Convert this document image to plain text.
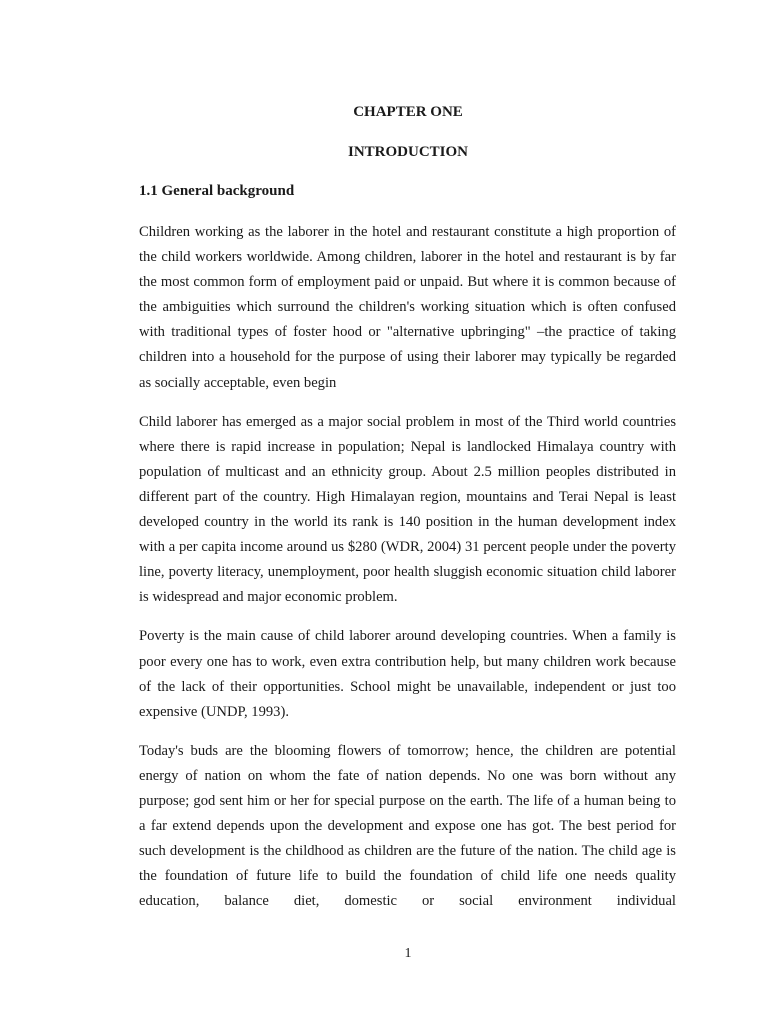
CHAPTER ONE
INTRODUCTION
1.1 General background

Children working as the laborer in the hotel and restaurant constitute a high proportion of the child workers worldwide. Among children, laborer in the hotel and restaurant is by far the most common form of employment paid or unpaid. But where it is common because of the ambiguities which surround the children's working situation which is often confused with traditional types of foster hood or "alternative upbringing" –the practice of taking children into a household for the purpose of using their laborer may typically be regarded as socially acceptable, even begin

Child laborer has emerged as a major social problem in most of the Third world countries where there is rapid increase in population; Nepal is landlocked Himalaya country with population of multicast and an ethnicity group. About 2.5 million peoples distributed in different part of the country. High Himalayan region, mountains and Terai Nepal is least developed country in the world its rank is 140 position in the human development index with a per capita income around us $280 (WDR, 2004) 31 percent people under the poverty line, poverty literacy, unemployment, poor health sluggish economic situation child laborer is widespread and major economic problem.

Poverty is the main cause of child laborer around developing countries. When a family is poor every one has to work, even extra contribution help, but many children work because of the lack of their opportunities. School might be unavailable, independent or just too expensive (UNDP, 1993).

Today's buds are the blooming flowers of tomorrow; hence, the children are potential energy of nation on whom the fate of nation depends. No one was born without any purpose; god sent him or her for special purpose on the earth. The life of a human being to a far extend depends upon the development and expose one has got. The best period for such development is the childhood as children are the future of the nation. The child age is the foundation of future life to build the foundation of child life one needs quality education, balance diet, domestic or social environment individual

1
